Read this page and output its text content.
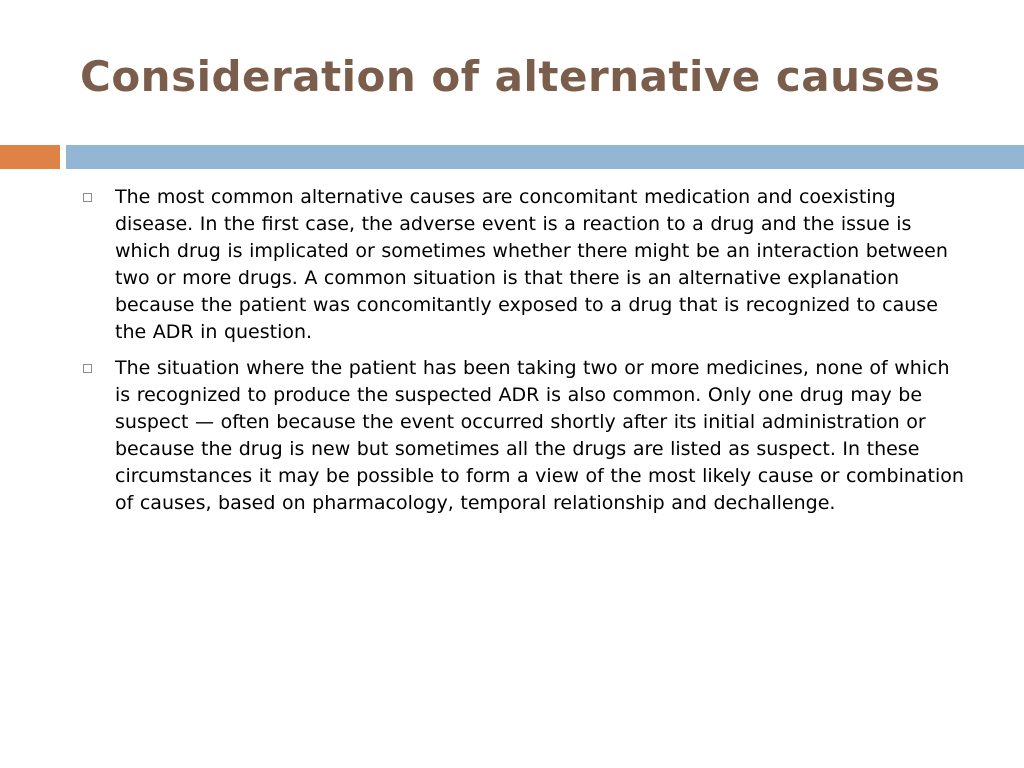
Consideration of alternative causes
The most common alternative causes are concomitant medication and coexisting disease. In the first case, the adverse event is a reaction to a drug and the issue is which drug is implicated or sometimes whether there might be an interaction between two or more drugs. A common situation is that there is an alternative explanation because the patient was concomitantly exposed to a drug that is recognized to cause the ADR in question.
The situation where the patient has been taking two or more medicines, none of which is recognized to produce the suspected ADR is also common. Only one drug may be suspect — often because the event occurred shortly after its initial administration or because the drug is new but sometimes all the drugs are listed as suspect. In these circumstances it may be possible to form a view of the most likely cause or combination of causes, based on pharmacology, temporal relationship and dechallenge.
